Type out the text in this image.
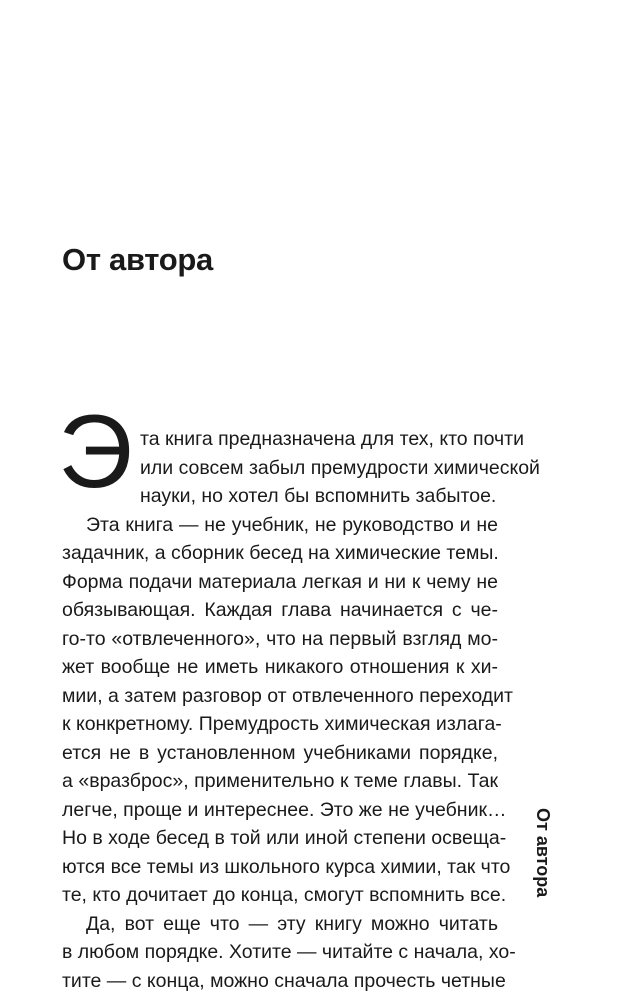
От автора
Э та книга предназначена для тех, кто почти
или совсем забыл премудрости химической
науки, но хотел бы вспомнить забытое.
Эта книга — не учебник, не руководство и не
задачник, а сборник бесед на химические темы.
Форма подачи материала легкая и ни к чему не
обязывающая. Каждая глава начинается с че-
го-то «отвлеченного», что на первый взгляд мо-
жет вообще не иметь никакого отношения к хи-
мии, а затем разговор от отвлеченного переходит
к конкретному. Премудрость химическая излага-
ется не в установленном учебниками порядке,
а «вразброс», применительно к теме главы. Так
легче, проще и интереснее. Это же не учебник…
Но в ходе бесед в той или иной степени освеща-
ются все темы из школьного курса химии, так что
те, кто дочитает до конца, смогут вспомнить все.
Да, вот еще что — эту книгу можно читать
в любом порядке. Хотите — читайте с начала, хо-
тите — с конца, можно сначала прочесть четные
От автора
